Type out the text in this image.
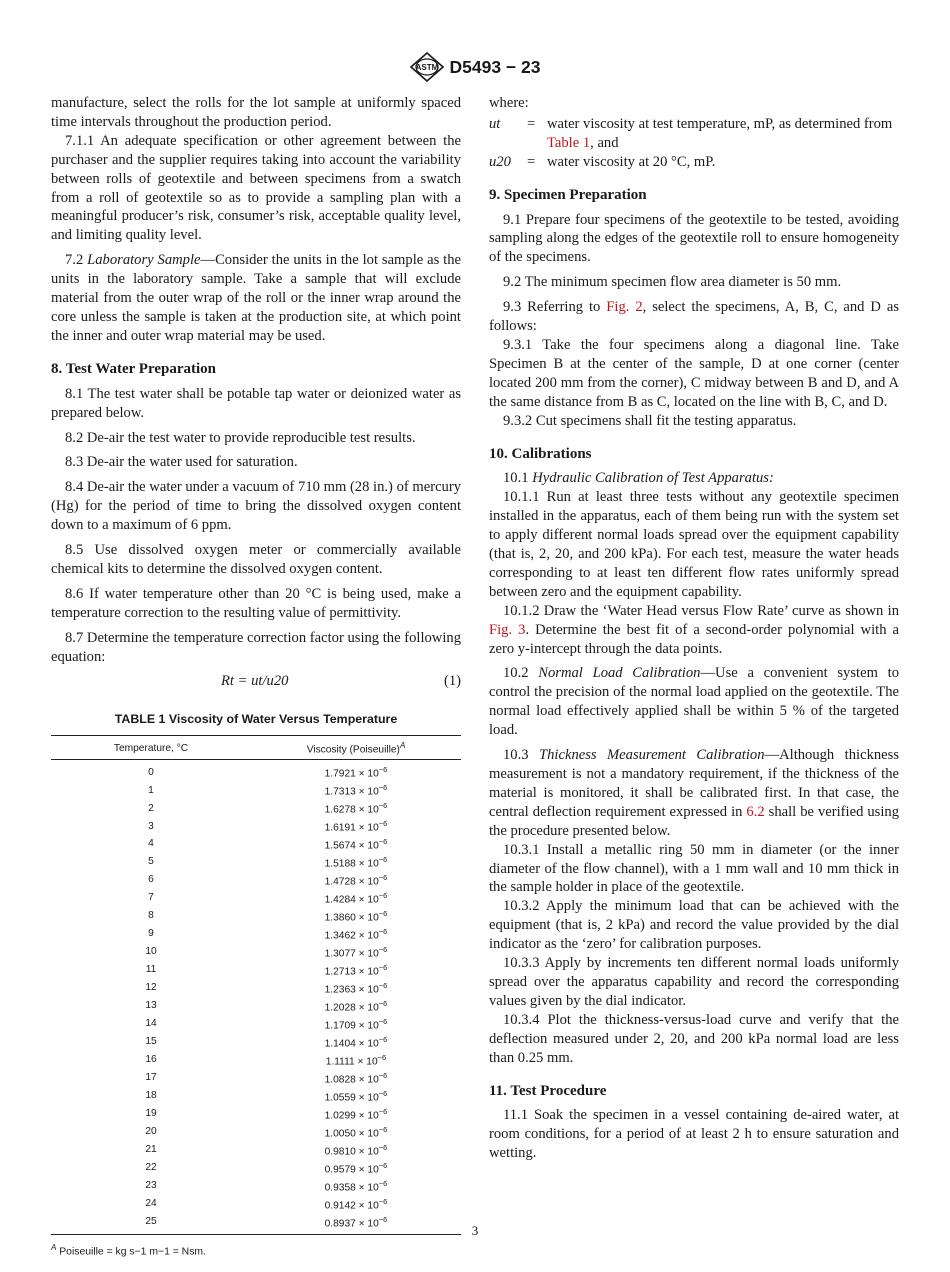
ASTM D5493 − 23

manufacture, select the rolls for the lot sample at uniformly spaced time intervals throughout the production period.

7.1.1 An adequate specification or other agreement between the purchaser and the supplier requires taking into account the variability between rolls of geotextile and between specimens from a swatch from a roll of geotextile so as to provide a sampling plan with a meaningful producer’s risk, consumer’s risk, acceptable quality level, and limiting quality level.

7.2 Laboratory Sample—Consider the units in the lot sample as the units in the laboratory sample. Take a sample that will exclude material from the outer wrap of the roll or the inner wrap around the core unless the sample is taken at the production site, at which point the inner and outer wrap material may be used.

8. Test Water Preparation

8.1 The test water shall be potable tap water or deionized water as prepared below.

8.2 De-air the test water to provide reproducible test results.

8.3 De-air the water used for saturation.

8.4 De-air the water under a vacuum of 710 mm (28 in.) of mercury (Hg) for the period of time to bring the dissolved oxygen content down to a maximum of 6 ppm.

8.5 Use dissolved oxygen meter or commercially available chemical kits to determine the dissolved oxygen content.

8.6 If water temperature other than 20 °C is being used, make a temperature correction to the resulting value of permittivity.

8.7 Determine the temperature correction factor using the following equation:

Rt = ut/u20	(1)
TABLE 1 Viscosity of Water Versus Temperature
Temperature, °C	Viscosity (Poiseuille)$^A$
0	$1.7921 \times 10^{-6}$
1	$1.7313 \times 10^{-6}$
2	$1.6278 \times 10^{-6}$
3	$1.6191 \times 10^{-6}$
4	$1.5674 \times 10^{-6}$
5	$1.5188 \times 10^{-6}$
6	$1.4728 \times 10^{-6}$
7	$1.4284 \times 10^{-6}$
8	$1.3860 \times 10^{-6}$
9	$1.3462 \times 10^{-6}$
10	$1.3077 \times 10^{-6}$
11	$1.2713 \times 10^{-6}$
12	$1.2363 \times 10^{-6}$
13	$1.2028 \times 10^{-6}$
14	$1.1709 \times 10^{-6}$
15	$1.1404 \times 10^{-6}$
16	$1.1111 \times 10^{-6}$
17	$1.0828 \times 10^{-6}$
18	$1.0559 \times 10^{-6}$
19	$1.0299 \times 10^{-6}$
20	$1.0050 \times 10^{-6}$
21	$0.9810 \times 10^{-6}$
22	$0.9579 \times 10^{-6}$
23	$0.9358 \times 10^{-6}$
24	$0.9142 \times 10^{-6}$
25	$0.8937 \times 10^{-6}$
$^A$ Poiseuille = kg s−1 m−1 = Nsm.

where:

ut	= water viscosity at test temperature, mP, as determined from Table 1, and
u20	= water viscosity at 20 °C, mP.
9. Specimen Preparation

9.1 Prepare four specimens of the geotextile to be tested, avoiding sampling along the edges of the geotextile roll to ensure homogeneity of the specimens.

9.2 The minimum specimen flow area diameter is 50 mm.

9.3 Referring to Fig. 2, select the specimens, A, B, C, and D as follows:

9.3.1 Take the four specimens along a diagonal line. Take Specimen B at the center of the sample, D at one corner (center located 200 mm from the corner), C midway between B and D, and A the same distance from B as C, located on the line with B, C, and D.

9.3.2 Cut specimens shall fit the testing apparatus.

10. Calibrations

10.1 Hydraulic Calibration of Test Apparatus:

10.1.1 Run at least three tests without any geotextile specimen installed in the apparatus, each of them being run with the system set to apply different normal loads spread over the equipment capability (that is, 2, 20, and 200 kPa). For each test, measure the water heads corresponding to at least ten different flow rates uniformly spread between zero and the equipment capability.

10.1.2 Draw the ‘Water Head versus Flow Rate’ curve as shown in Fig. 3. Determine the best fit of a second-order polynomial with a zero y-intercept through the data points.

10.2 Normal Load Calibration—Use a convenient system to control the precision of the normal load applied on the geotextile. The normal load effectively applied shall be within 5 % of the targeted load.

10.3 Thickness Measurement Calibration—Although thickness measurement is not a mandatory requirement, if the thickness of the material is monitored, it shall be calibrated first. In that case, the central deflection requirement expressed in 6.2 shall be verified using the procedure presented below.

10.3.1 Install a metallic ring 50 mm in diameter (or the inner diameter of the flow channel), with a 1 mm wall and 10 mm thick in the sample holder in place of the geotextile.

10.3.2 Apply the minimum load that can be achieved with the equipment (that is, 2 kPa) and record the value provided by the dial indicator as the ‘zero’ for calibration purposes.

10.3.3 Apply by increments ten different normal loads uniformly spread over the apparatus capability and record the corresponding values given by the dial indicator.

10.3.4 Plot the thickness-versus-load curve and verify that the deflection measured under 2, 20, and 200 kPa normal load are less than 0.25 mm.

11. Test Procedure

11.1 Soak the specimen in a vessel containing de-aired water, at room conditions, for a period of at least 2 h to ensure saturation and wetting.

3
